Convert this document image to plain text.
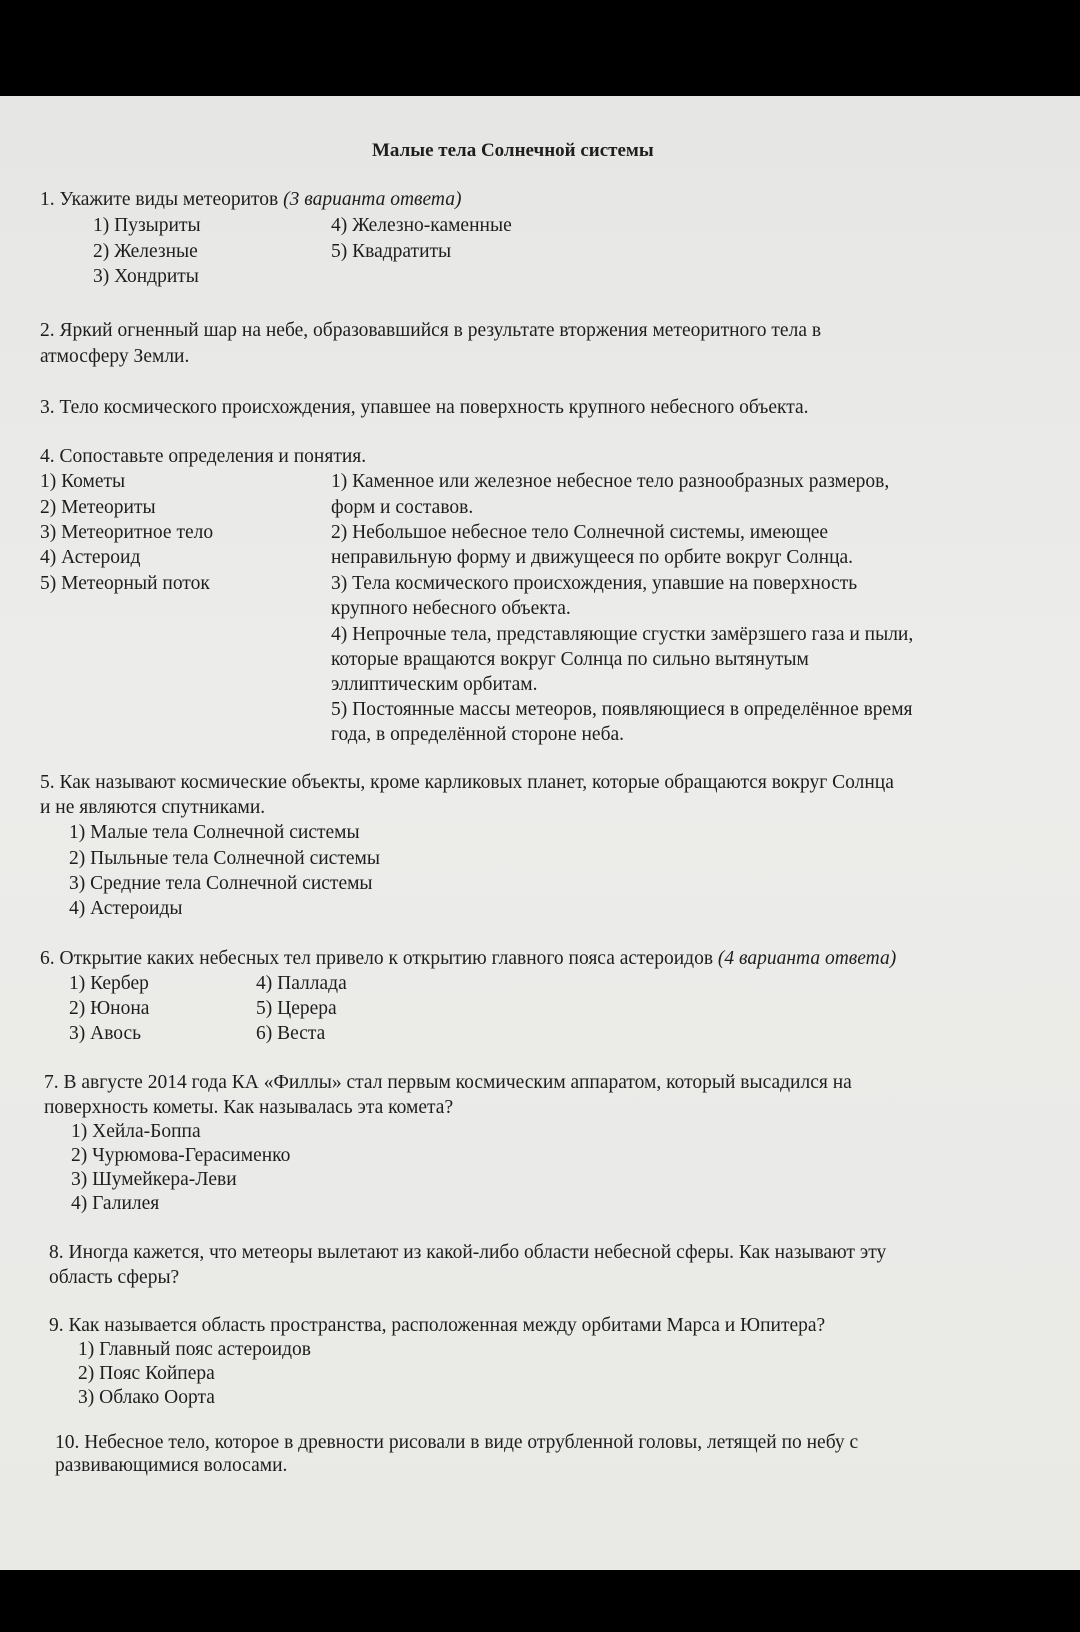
Малые тела Солнечной системы
1. Укажите виды метеоритов (3 варианта ответа)
1) Пузыриты
2) Железные
3) Хондриты
4) Железно-каменные
5) Квадратиты
2. Яркий огненный шар на небе, образовавшийся в результате вторжения метеоритного тела в
атмосферу Земли.
3. Тело космического происхождения, упавшее на поверхность крупного небесного объекта.
4. Сопоставьте определения и понятия.
1) Кометы
2) Метеориты
3) Метеоритное тело
4) Астероид
5) Метеорный поток
1) Каменное или железное небесное тело разнообразных размеров,
форм и составов.
2) Небольшое небесное тело Солнечной системы, имеющее
неправильную форму и движущееся по орбите вокруг Солнца.
3) Тела космического происхождения, упавшие на поверхность
крупного небесного объекта.
4) Непрочные тела, представляющие сгустки замёрзшего газа и пыли,
которые вращаются вокруг Солнца по сильно вытянутым
эллиптическим орбитам.
5) Постоянные массы метеоров, появляющиеся в определённое время
года, в определённой стороне неба.
5. Как называют космические объекты, кроме карликовых планет, которые обращаются вокруг Солнца
и не являются спутниками.
1) Малые тела Солнечной системы
2) Пыльные тела Солнечной системы
3) Средние тела Солнечной системы
4) Астероиды
6. Открытие каких небесных тел привело к открытию главного пояса астероидов (4 варианта ответа)
1) Кербер
2) Юнона
3) Авось
4) Паллада
5) Церера
6) Веста
7. В августе 2014 года КА «Филлы» стал первым космическим аппаратом, который высадился на
поверхность кометы. Как называлась эта комета?
1) Хейла-Боппа
2) Чурюмова-Герасименко
3) Шумейкера-Леви
4) Галилея
8. Иногда кажется, что метеоры вылетают из какой-либо области небесной сферы. Как называют эту
область сферы?
9. Как называется область пространства, расположенная между орбитами Марса и Юпитера?
1) Главный пояс астероидов
2) Пояс Койпера
3) Облако Оорта
10. Небесное тело, которое в древности рисовали в виде отрубленной головы, летящей по небу с
развивающимися волосами.
